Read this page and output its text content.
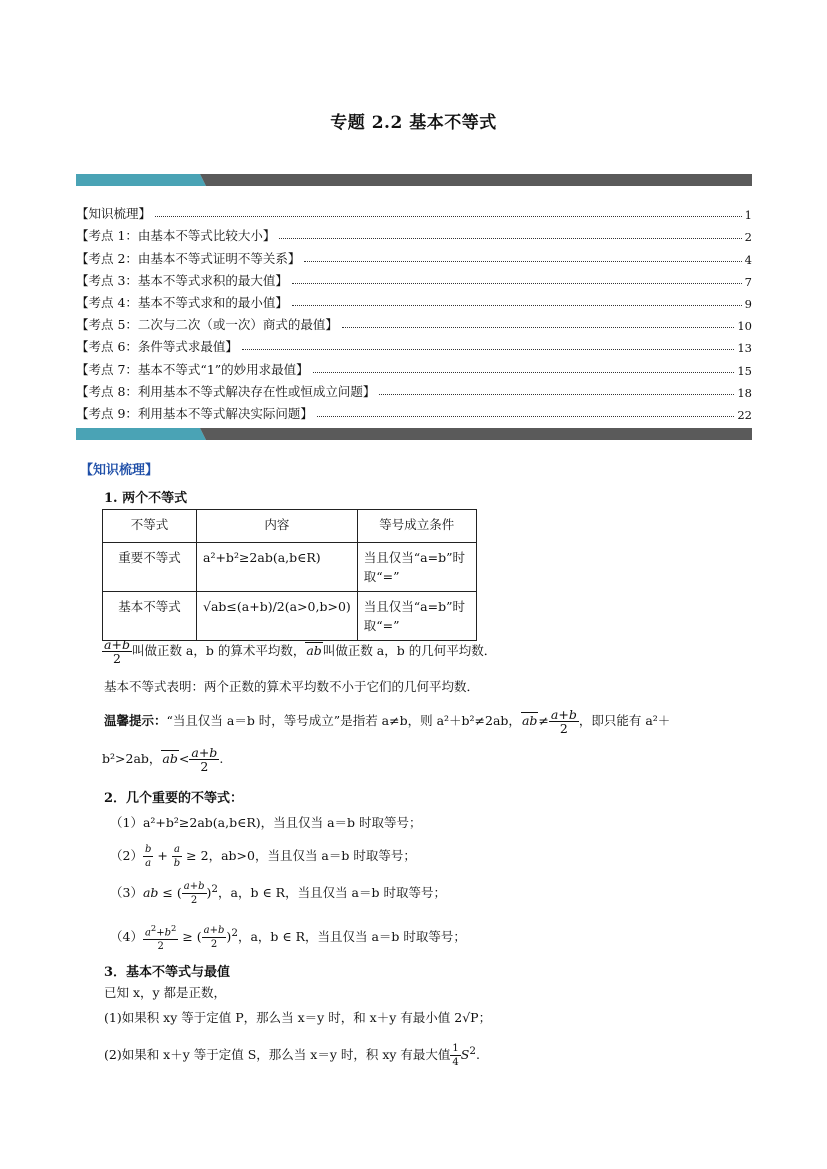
专题 2.2 基本不等式
【知识梳理】	1
【考点 1：由基本不等式比较大小】	2
【考点 2：由基本不等式证明不等关系】	4
【考点 3：基本不等式求积的最大值】	7
【考点 4：基本不等式求和的最小值】	9
【考点 5：二次与二次（或一次）商式的最值】	10
【考点 6：条件等式求最值】	13
【考点 7：基本不等式“1”的妙用求最值】	15
【考点 8：利用基本不等式解决存在性或恒成立问题】	18
【考点 9：利用基本不等式解决实际问题】	22
【知识梳理】
1. 两个不等式
不等式	内容	等号成立条件
重要不等式	a²+b²≥2ab(a,b∈R)	当且仅当“a=b”时取“=”
基本不等式	√ab≤(a+b)/2(a>0,b>0)	当且仅当“a=b”时取“=”
$\frac{a+b}{2}$ 叫做正数 a，b 的算术平均数，ab叫做正数 a，b 的几何平均数．
基本不等式表明：两个正数的算术平均数不小于它们的几何平均数．
温馨提示：“当且仅当 a＝b 时，等号成立”是指若 a≠b，则 a²＋b²≠2ab，$ab\ne \frac{a+b}{2}$ ，即只能有 a²＋
b²>2ab，$ab< \frac{a+b}{2}$ .
2．几个重要的不等式：
（1）a²+b²≥2ab(a,b∈R)，当且仅当 a＝b 时取等号；
$(2) \frac{b}{a} + \frac{a}{b} \ge 2$，ab>0，当且仅当 a＝b 时取等号；
（3）ab ≤ ( $\frac{a+b}{2} )^2$，a，b ∈ R，当且仅当 a＝b 时取等号；
$(4) \frac{a^2+b^2}{2}$ ≥ ( $\frac{a+b}{2} )^2$，a，b ∈ R，当且仅当 a＝b 时取等号；
3．基本不等式与最值
已知 x，y 都是正数，
(1)如果积 xy 等于定值 P，那么当 x＝y 时，和 x＋y 有最小值 2√P；
(2)如果和 x＋y 等于定值 S，那么当 x＝y 时，积 xy 有最大值 $\frac{1}{4} S^2$.
